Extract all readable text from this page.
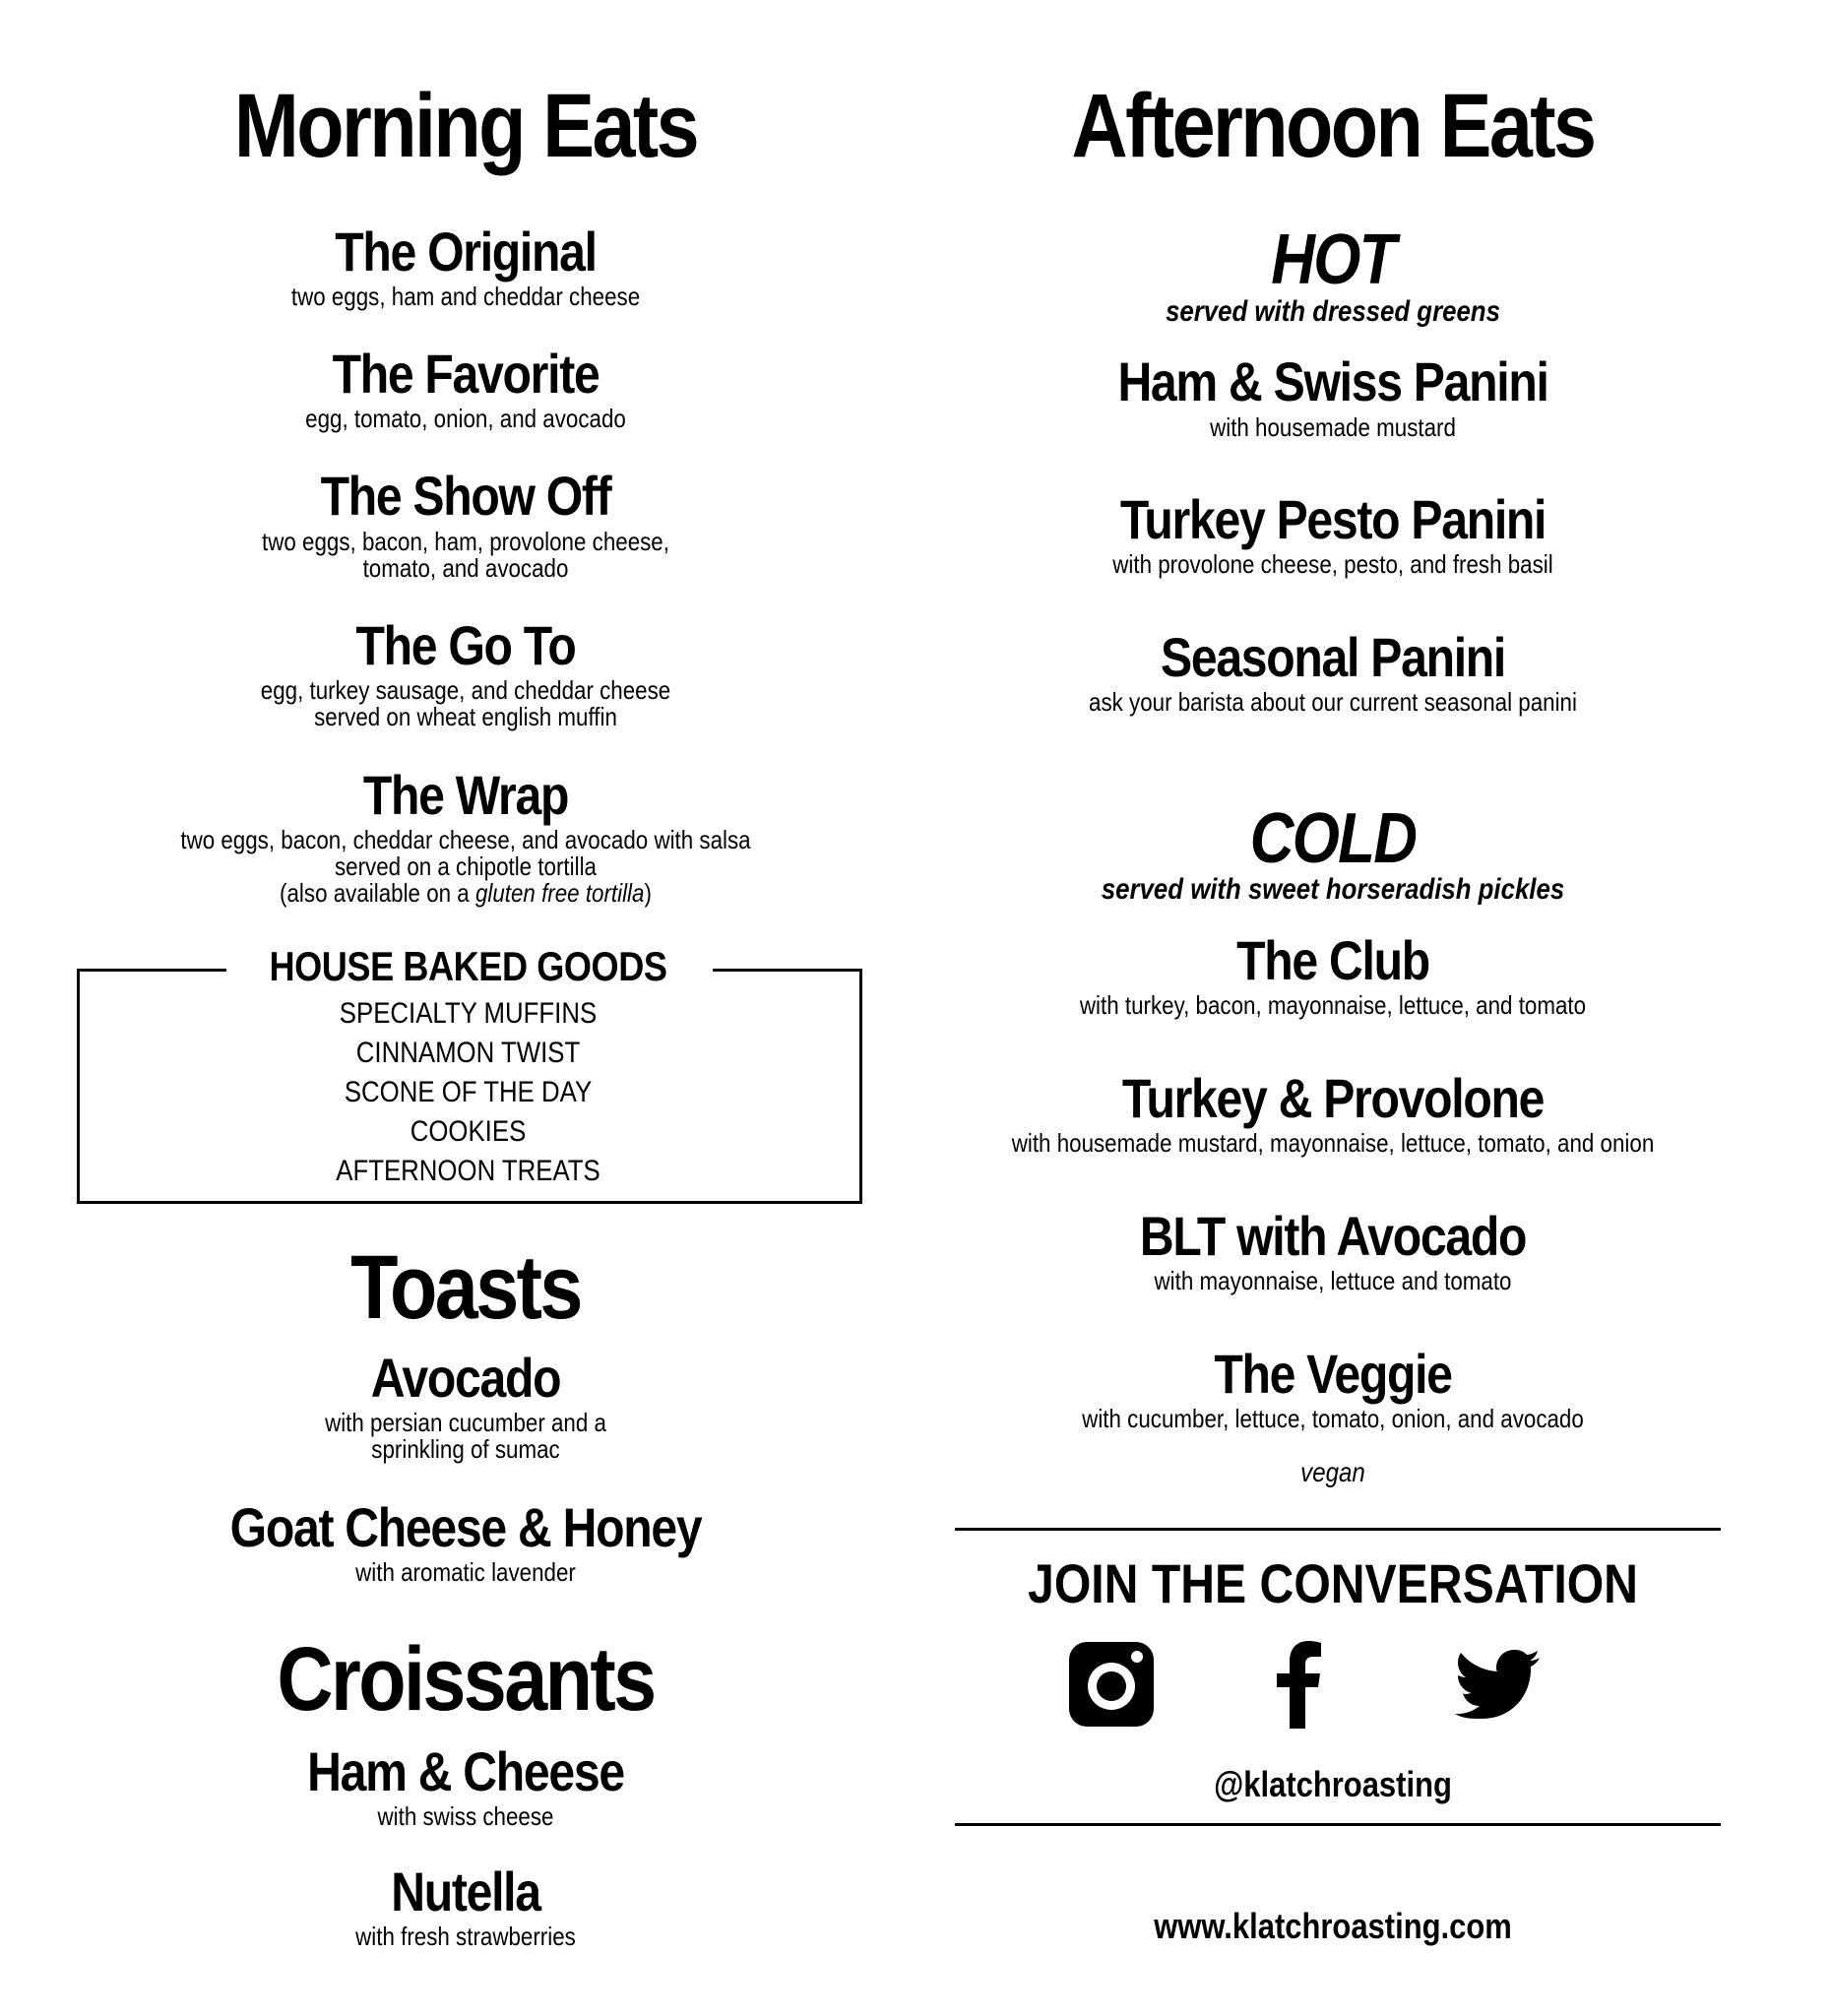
Morning Eats
The Original
two eggs, ham and cheddar cheese
The Favorite
egg, tomato, onion, and avocado
The Show Off
two eggs, bacon, ham, provolone cheese,
tomato, and avocado
The Go To
egg, turkey sausage, and cheddar cheese
served on wheat english muffin
The Wrap
two eggs, bacon, cheddar cheese, and avocado with salsa
served on a chipotle tortilla
(also available on a gluten free tortilla)
HOUSE BAKED GOODS
SPECIALTY MUFFINS
CINNAMON TWIST
SCONE OF THE DAY
COOKIES
AFTERNOON TREATS
Toasts
Avocado
with persian cucumber and a
sprinkling of sumac
Goat Cheese & Honey
with aromatic lavender
Croissants
Ham & Cheese
with swiss cheese
Nutella
with fresh strawberries
Afternoon Eats
HOT
served with dressed greens
Ham & Swiss Panini
with housemade mustard
Turkey Pesto Panini
with provolone cheese, pesto, and fresh basil
Seasonal Panini
ask your barista about our current seasonal panini
COLD
served with sweet horseradish pickles
The Club
with turkey, bacon, mayonnaise, lettuce, and tomato
Turkey & Provolone
with housemade mustard, mayonnaise, lettuce, tomato, and onion
BLT with Avocado
with mayonnaise, lettuce and tomato
The Veggie
with cucumber, lettuce, tomato, onion, and avocado
vegan
JOIN THE CONVERSATION
@klatchroasting
www.klatchroasting.com
